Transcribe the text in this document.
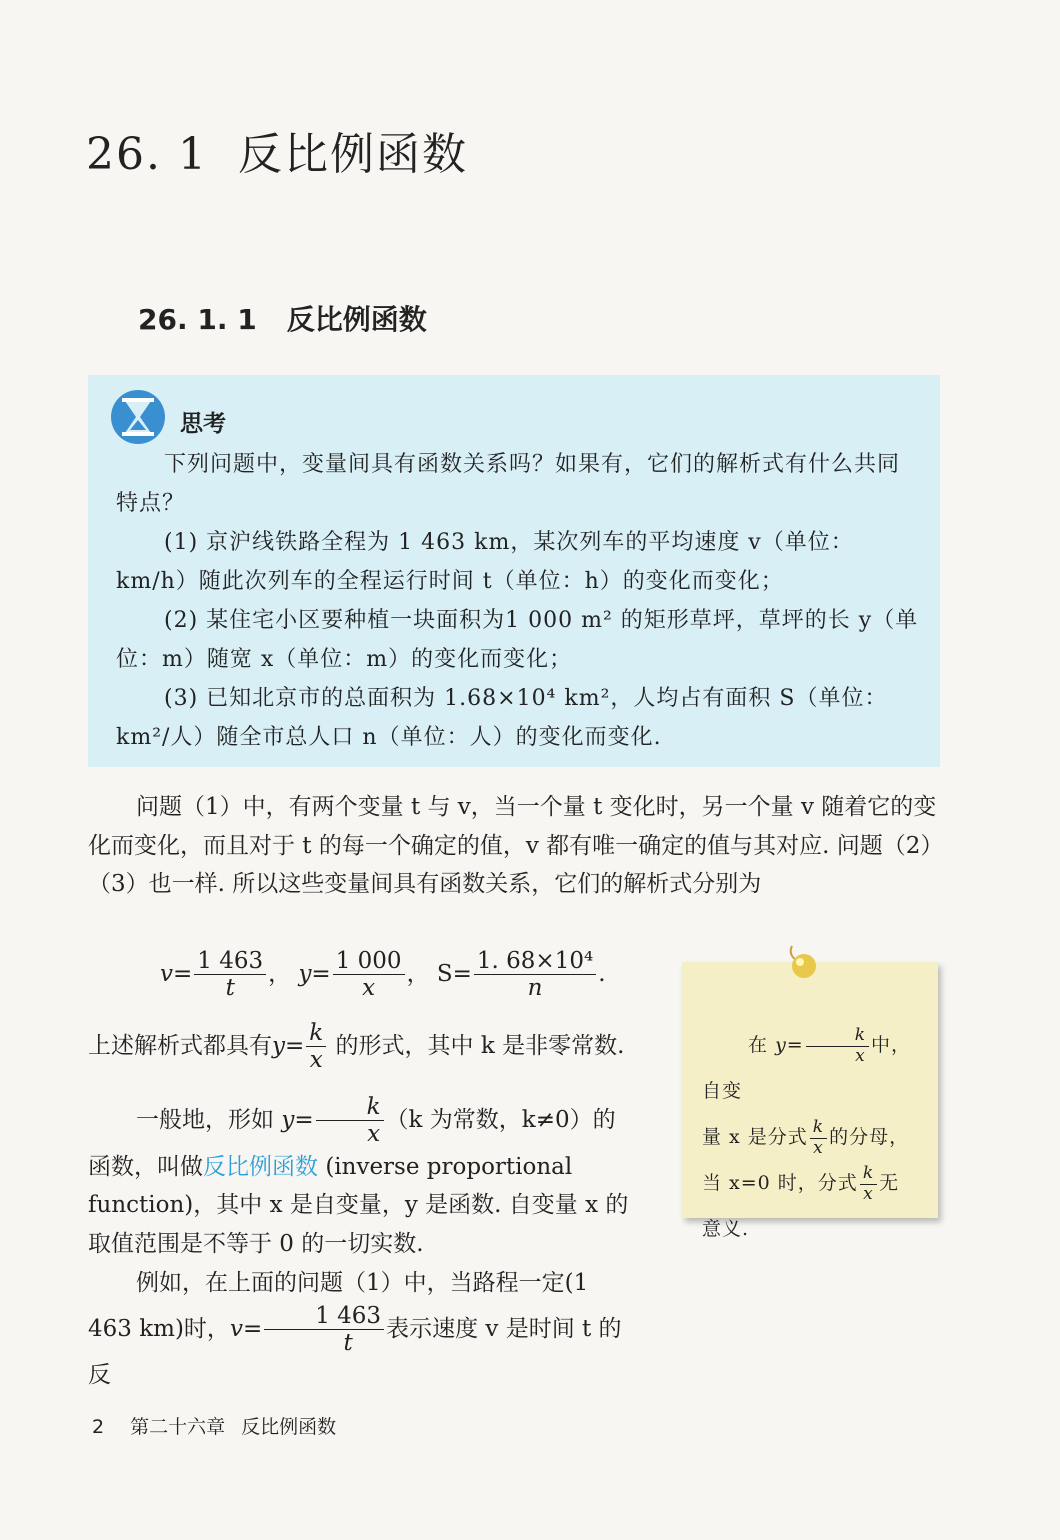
26. 1 反比例函数
26. 1. 1 反比例函数
思考

下列问题中，变量间具有函数关系吗？如果有，它们的解析式有什么共同特点？

(1) 京沪线铁路全程为 1 463 km，某次列车的平均速度 v（单位：km/h）随此次列车的全程运行时间 t（单位：h）的变化而变化；

(2) 某住宅小区要种植一块面积为1 000 m² 的矩形草坪，草坪的长 y（单位：m）随宽 x（单位：m）的变化而变化；

(3) 已知北京市的总面积为 1.68×10⁴ km²，人均占有面积 S（单位：km²/人）随全市总人口 n（单位：人）的变化而变化.

问题（1）中，有两个变量 t 与 v，当一个量 t 变化时，另一个量 v 随着它的变化而变化，而且对于 t 的每一个确定的值，v 都有唯一确定的值与其对应. 问题（2）（3）也一样. 所以这些变量间具有函数关系，它们的解析式分别为

$v= \frac{1 463}{t}$ ， $y= \frac{1 000}{x}$ ， $S= \frac{\text{1. 68×10⁴}}{n}$ .

上述解析式都具有$y= \frac{k}{x}$ 的形式，其中 k 是非零常数.

一般地，形如 $y= \frac{k}{x} (k$ 为常数，k≠0）的函数，叫做反比例函数 (inverse proportional function)，其中 x 是自变量，y 是函数. 自变量 x 的取值范围是不等于 0 的一切实数.

例如，在上面的问题（1）中，当路程一定(1 463 km)时，$v= \frac{1 463}{t}$ 表示速度 v 是时间 t 的反

在 $y= \frac{k}{x}$ 中，自变

量 x 是分式 $\frac{k}{x}$ 的分母，

当 x=0 时，分式 $\frac{k}{x}$ 无

意义.

2 第二十六章 反比例函数
